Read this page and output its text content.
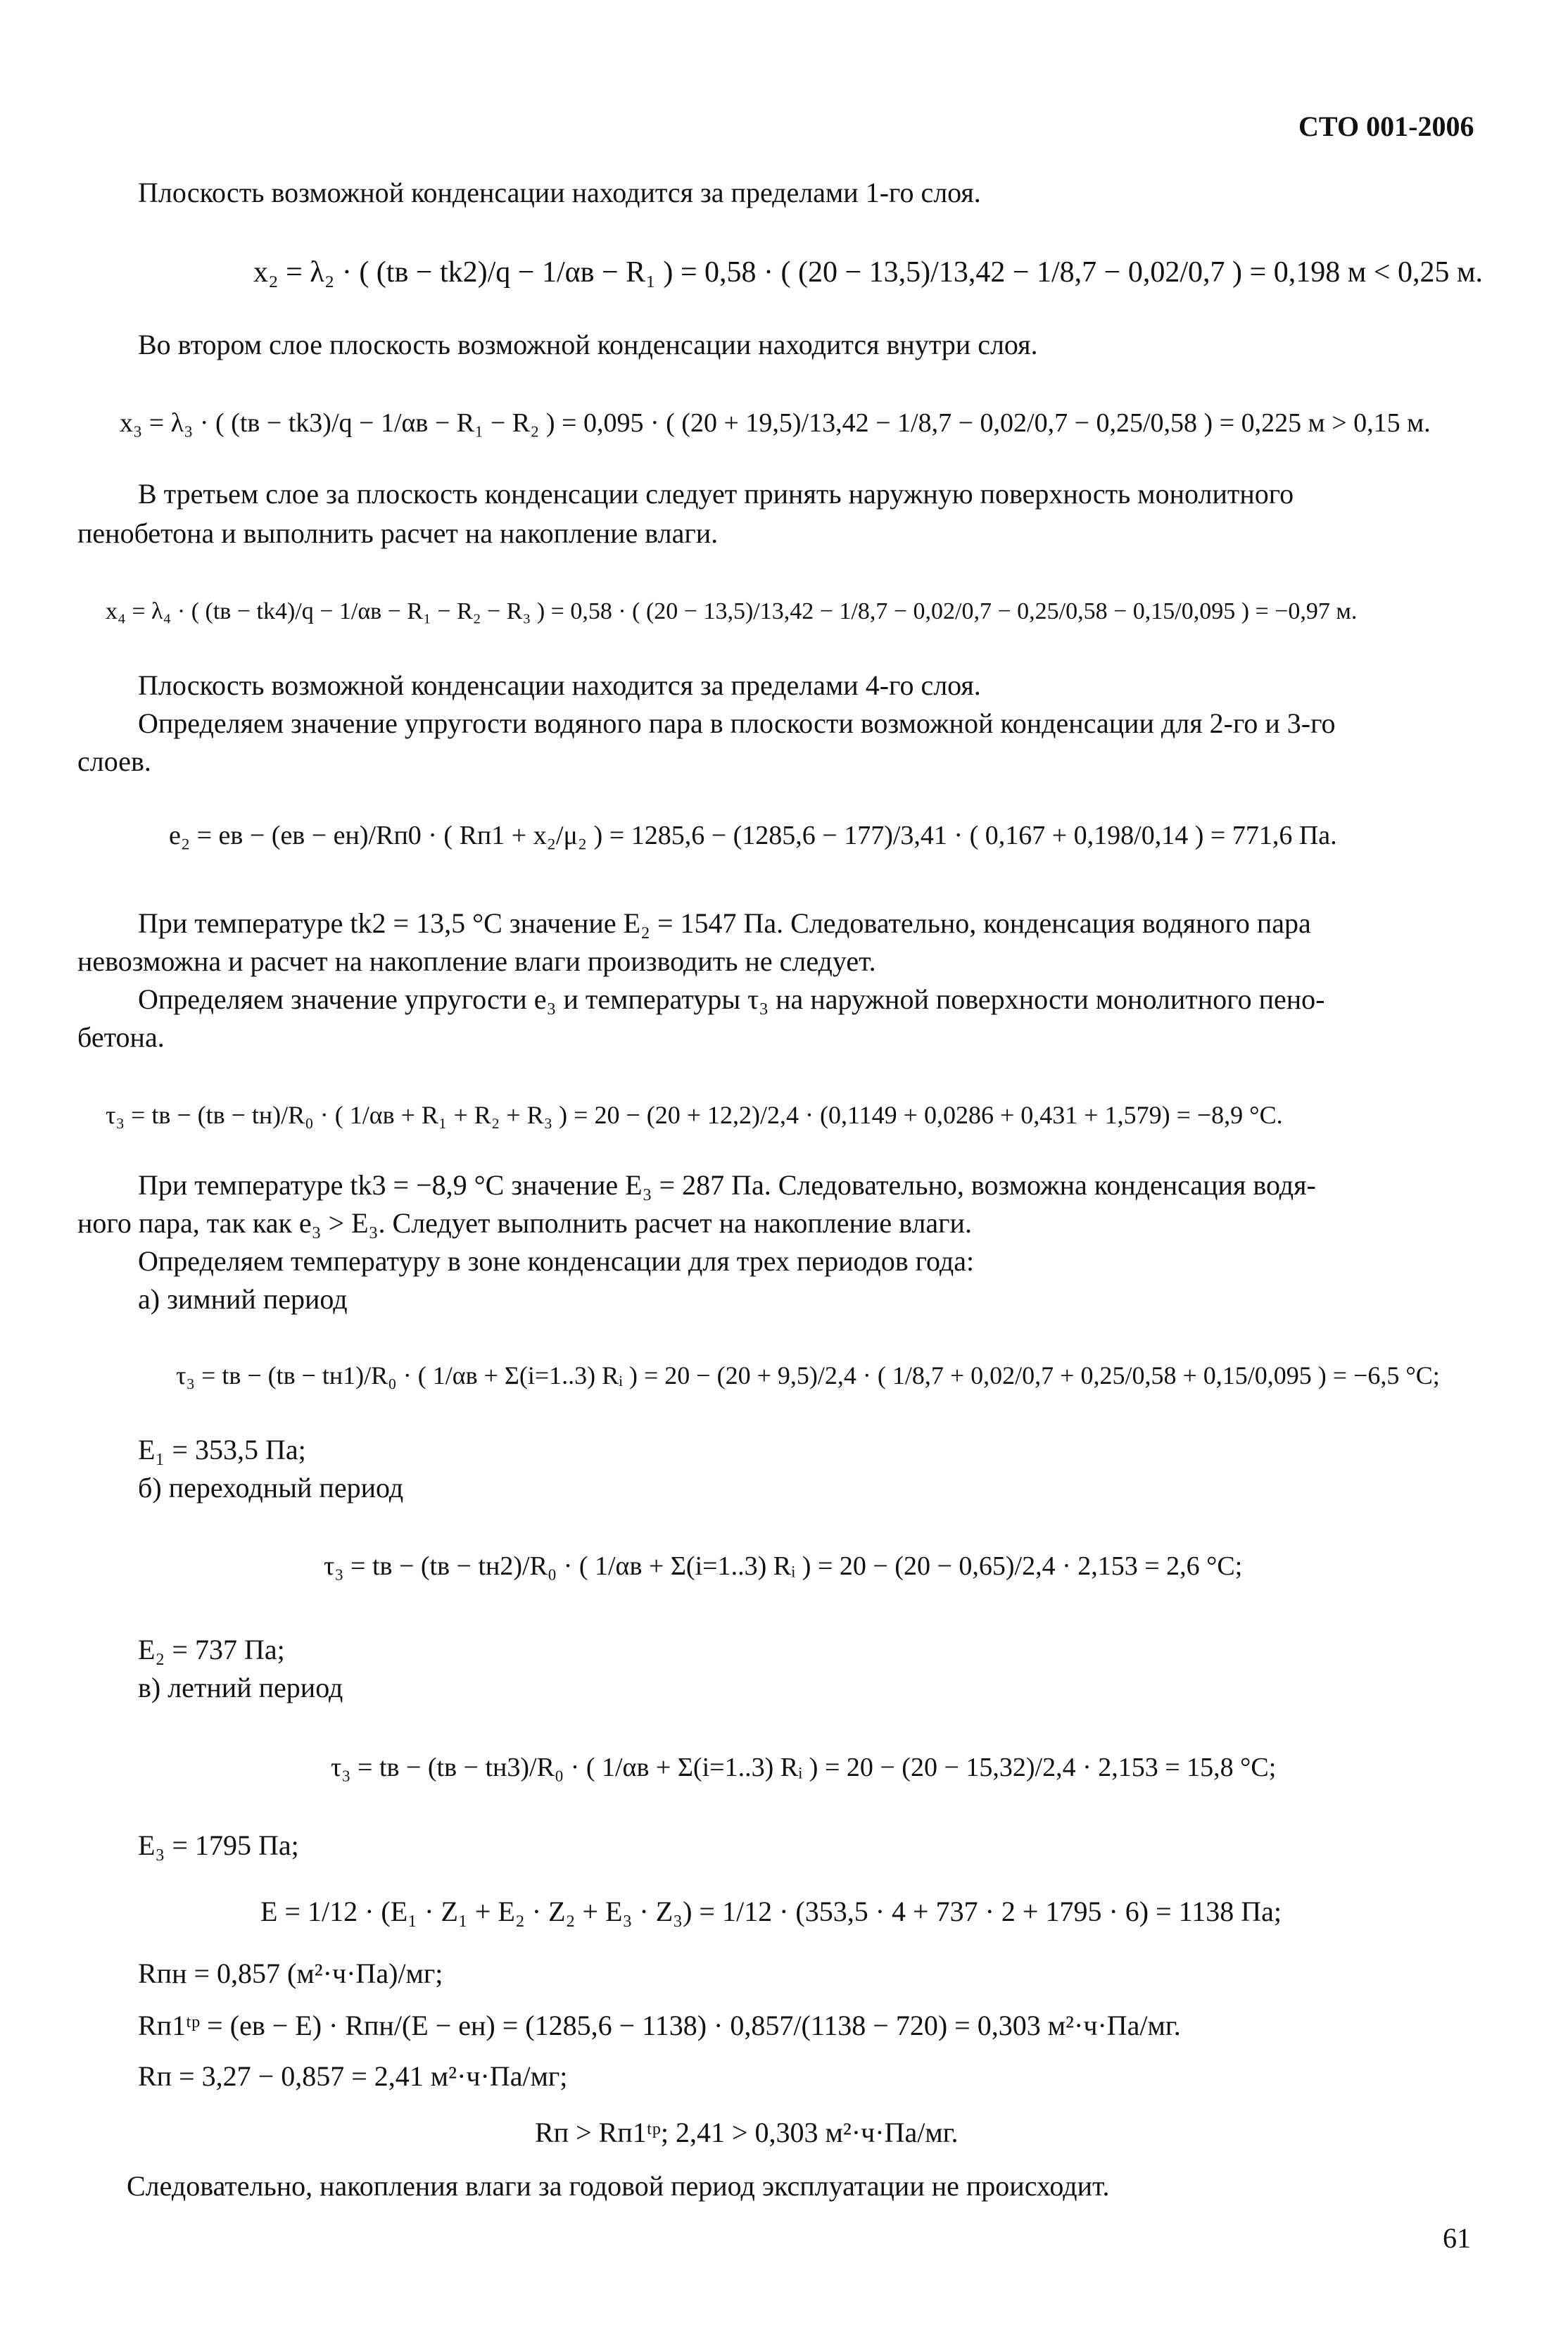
СТО 001-2006
Плоскость возможной конденсации находится за пределами 1-го слоя.
x₂ = λ₂ · ( (tв − tk2)/q − 1/αв − R₁ ) = 0,58 · ( (20 − 13,5)/13,42 − 1/8,7 − 0,02/0,7 ) = 0,198 м < 0,25 м.
Во втором слое плоскость возможной конденсации находится внутри слоя.
x₃ = λ₃ · ( (tв − tk3)/q − 1/αв − R₁ − R₂ ) = 0,095 · ( (20 + 19,5)/13,42 − 1/8,7 − 0,02/0,7 − 0,25/0,58 ) = 0,225 м > 0,15 м.
В третьем слое за плоскость конденсации следует принять наружную поверхность монолитного
пенобетона и выполнить расчет на накопление влаги.
x₄ = λ₄ · ( (tв − tk4)/q − 1/αв − R₁ − R₂ − R₃ ) = 0,58 · ( (20 − 13,5)/13,42 − 1/8,7 − 0,02/0,7 − 0,25/0,58 − 0,15/0,095 ) = −0,97 м.
Плоскость возможной конденсации находится за пределами 4-го слоя.
Определяем значение упругости водяного пара в плоскости возможной конденсации для 2-го и 3-го
слоев.
e₂ = eв − (eв − eн)/Rп0 · ( Rп1 + x₂/μ₂ ) = 1285,6 − (1285,6 − 177)/3,41 · ( 0,167 + 0,198/0,14 ) = 771,6 Па.
При температуре tk2 = 13,5 °С значение E₂ = 1547 Па. Следовательно, конденсация водяного пара
невозможна и расчет на накопление влаги производить не следует.
Определяем значение упругости e₃ и температуры τ₃ на наружной поверхности монолитного пено-
бетона.
τ₃ = tв − (tв − tн)/R₀ · ( 1/αв + R₁ + R₂ + R₃ ) = 20 − (20 + 12,2)/2,4 · (0,1149 + 0,0286 + 0,431 + 1,579) = −8,9 °С.
При температуре tk3 = −8,9 °С значение E₃ = 287 Па. Следовательно, возможна конденсация водя-
ного пара, так как e₃ > E₃. Следует выполнить расчет на накопление влаги.
Определяем температуру в зоне конденсации для трех периодов года:
а) зимний период
τ₃ = tв − (tв − tн1)/R₀ · ( 1/αв + Σ(i=1..3) Rᵢ ) = 20 − (20 + 9,5)/2,4 · ( 1/8,7 + 0,02/0,7 + 0,25/0,58 + 0,15/0,095 ) = −6,5 °С;
E₁ = 353,5 Па;
б) переходный период
τ₃ = tв − (tв − tн2)/R₀ · ( 1/αв + Σ(i=1..3) Rᵢ ) = 20 − (20 − 0,65)/2,4 · 2,153 = 2,6 °С;
E₂ = 737 Па;
в) летний период
τ₃ = tв − (tв − tн3)/R₀ · ( 1/αв + Σ(i=1..3) Rᵢ ) = 20 − (20 − 15,32)/2,4 · 2,153 = 15,8 °С;
E₃ = 1795 Па;
E = 1/12 · (E₁ · Z₁ + E₂ · Z₂ + E₃ · Z₃) = 1/12 · (353,5 · 4 + 737 · 2 + 1795 · 6) = 1138 Па;
Rпн = 0,857 (м²·ч·Па)/мг;
Rп1ᵗᵖ = (eв − E) · Rпн/(E − eн) = (1285,6 − 1138) · 0,857/(1138 − 720) = 0,303 м²·ч·Па/мг.
Rп = 3,27 − 0,857 = 2,41 м²·ч·Па/мг;
Rп > Rп1ᵗᵖ; 2,41 > 0,303 м²·ч·Па/мг.
Следовательно, накопления влаги за годовой период эксплуатации не происходит.
61
